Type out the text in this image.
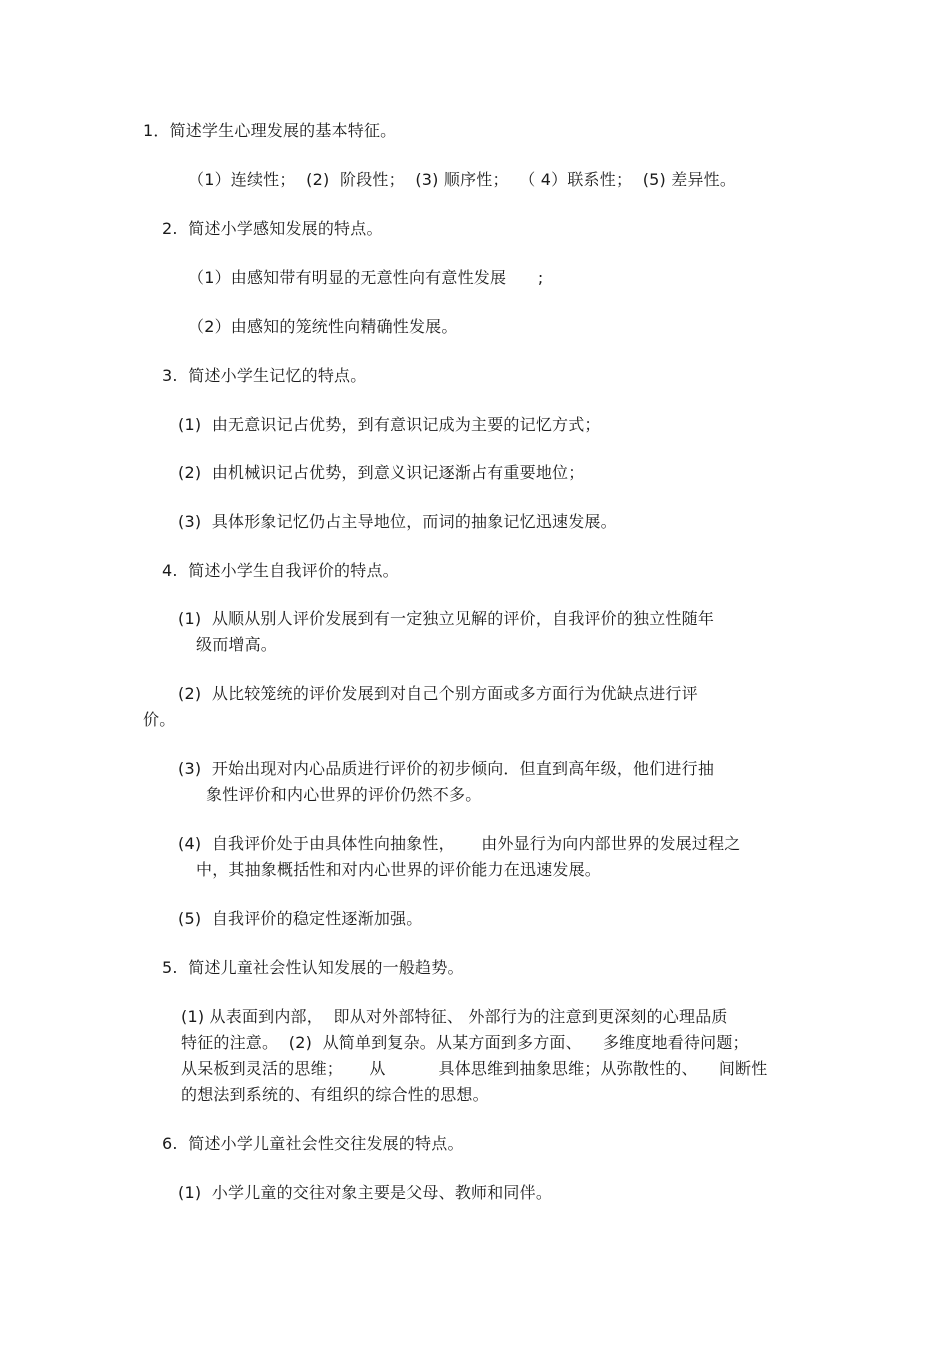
1．简述学生心理发展的基本特征。
（1）连续性；  (2)  阶段性；  (3) 顺序性；  （ 4）联系性；  (5) 差异性。
2.  简述小学感知发展的特点。
（1）由感知带有明显的无意性向有意性发展      ;
（2）由感知的笼统性向精确性发展。
3.  简述小学生记忆的特点。
(1)  由无意识记占优势，到有意识记成为主要的记忆方式；
(2)  由机械识记占优势，到意义识记逐渐占有重要地位；
(3)  具体形象记忆仍占主导地位，而词的抽象记忆迅速发展。
4.  简述小学生自我评价的特点。
(1)  从顺从别人评价发展到有一定独立见解的评价，自我评价的独立性随年
级而增高。
(2)  从比较笼统的评价发展到对自己个别方面或多方面行为优缺点进行评
价。
(3)  开始出现对内心品质进行评价的初步倾向．但直到高年级，他们进行抽
象性评价和内心世界的评价仍然不多。
(4)  自我评价处于由具体性向抽象性，     由外显行为向内部世界的发展过程之
中，其抽象概括性和对内心世界的评价能力在迅速发展。
(5)  自我评价的稳定性逐渐加强。
5.  简述儿童社会性认知发展的一般趋势。
(1) 从表面到内部，  即从对外部特征、 外部行为的注意到更深刻的心理品质
特征的注意。  (2)  从简单到复杂。从某方面到多方面、    多维度地看待问题；
从呆板到灵活的思维；     从          具体思维到抽象思维；从弥散性的、    间断性
的想法到系统的、有组织的综合性的思想。
6.  简述小学儿童社会性交往发展的特点。
(1)  小学儿童的交往对象主要是父母、教师和同伴。
